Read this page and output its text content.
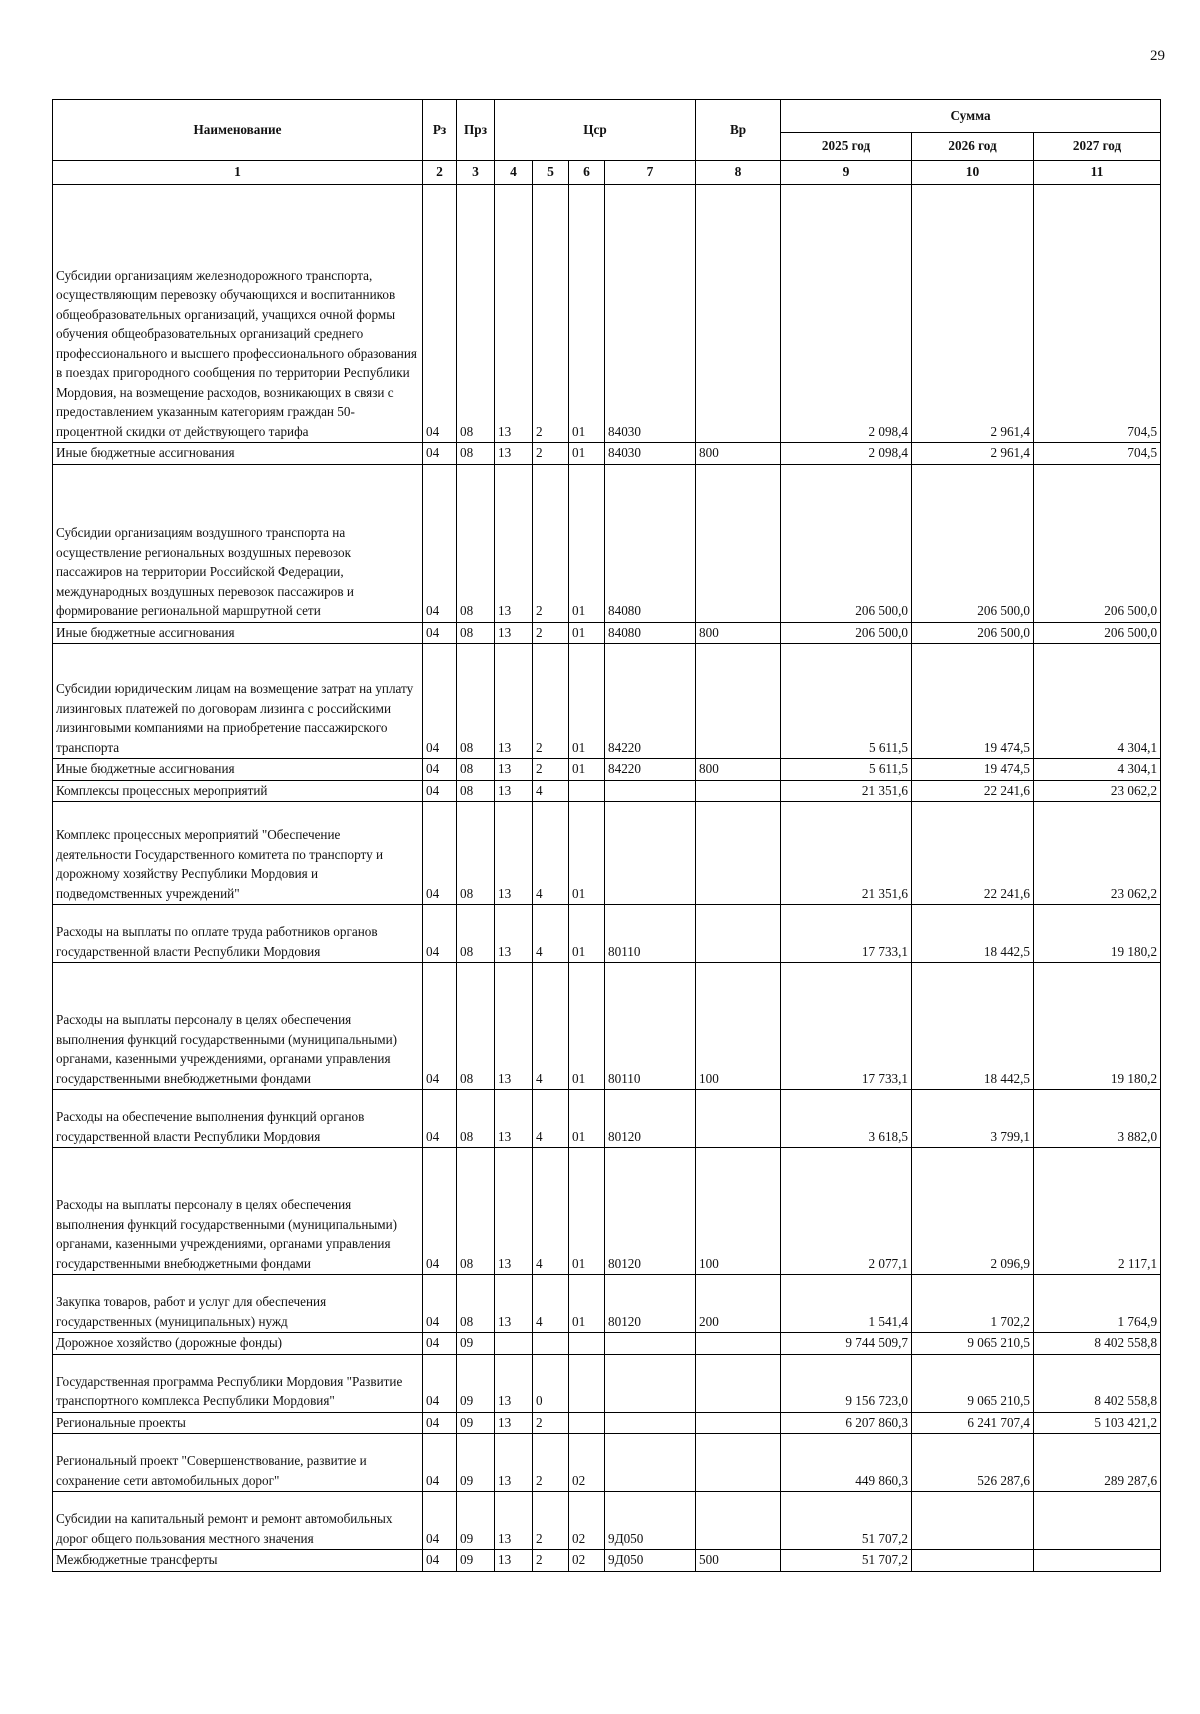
29
Наименование	Рз	Прз	Цср				Вр	Сумма		
								2025 год	2026 год	2027 год
1	2	3	4	5	6	7	8	9	10	11
Субсидии организациям железнодорожного транспорта, осуществляющим перевозку обучающихся и воспитанников общеобразовательных организаций, учащихся очной формы обучения общеобразовательных организаций среднего профессионального и высшего профессионального образования в поездах пригородного сообщения по территории Республики Мордовия, на возмещение расходов, возникающих в связи с предоставлением указанным категориям граждан 50-процентной скидки от действующего тарифа	04	08	13	2	01	84030		2 098,4	2 961,4	704,5
Иные бюджетные ассигнования	04	08	13	2	01	84030	800	2 098,4	2 961,4	704,5
Субсидии организациям воздушного транспорта на осуществление региональных воздушных перевозок пассажиров на территории Российской Федерации, международных воздушных перевозок пассажиров и формирование региональной маршрутной сети	04	08	13	2	01	84080		206 500,0	206 500,0	206 500,0
Иные бюджетные ассигнования	04	08	13	2	01	84080	800	206 500,0	206 500,0	206 500,0
Субсидии юридическим лицам на возмещение затрат на уплату лизинговых платежей по договорам лизинга с российскими лизинговыми компаниями на приобретение пассажирского транспорта	04	08	13	2	01	84220		5 611,5	19 474,5	4 304,1
Иные бюджетные ассигнования	04	08	13	2	01	84220	800	5 611,5	19 474,5	4 304,1
Комплексы процессных мероприятий	04	08	13	4				21 351,6	22 241,6	23 062,2
Комплекс процессных мероприятий "Обеспечение деятельности Государственного комитета по транспорту и дорожному хозяйству Республики Мордовия и подведомственных учреждений"	04	08	13	4	01			21 351,6	22 241,6	23 062,2
Расходы на выплаты по оплате труда работников органов государственной власти Республики Мордовия	04	08	13	4	01	80110		17 733,1	18 442,5	19 180,2
Расходы на выплаты персоналу в целях обеспечения выполнения функций государственными (муниципальными) органами, казенными учреждениями, органами управления государственными внебюджетными фондами	04	08	13	4	01	80110	100	17 733,1	18 442,5	19 180,2
Расходы на обеспечение выполнения функций органов государственной власти Республики Мордовия	04	08	13	4	01	80120		3 618,5	3 799,1	3 882,0
Расходы на выплаты персоналу в целях обеспечения выполнения функций государственными (муниципальными) органами, казенными учреждениями, органами управления государственными внебюджетными фондами	04	08	13	4	01	80120	100	2 077,1	2 096,9	2 117,1
Закупка товаров, работ и услуг для обеспечения государственных (муниципальных) нужд	04	08	13	4	01	80120	200	1 541,4	1 702,2	1 764,9
Дорожное хозяйство (дорожные фонды)	04	09						9 744 509,7	9 065 210,5	8 402 558,8
Государственная программа Республики Мордовия "Развитие транспортного комплекса Республики Мордовия"	04	09	13	0				9 156 723,0	9 065 210,5	8 402 558,8
Региональные проекты	04	09	13	2				6 207 860,3	6 241 707,4	5 103 421,2
Региональный проект "Совершенствование, развитие и сохранение сети автомобильных дорог"	04	09	13	2	02			449 860,3	526 287,6	289 287,6
Субсидии на капитальный ремонт и ремонт автомобильных дорог общего пользования местного значения	04	09	13	2	02	9Д050		51 707,2		
Межбюджетные трансферты	04	09	13	2	02	9Д050	500	51 707,2		
